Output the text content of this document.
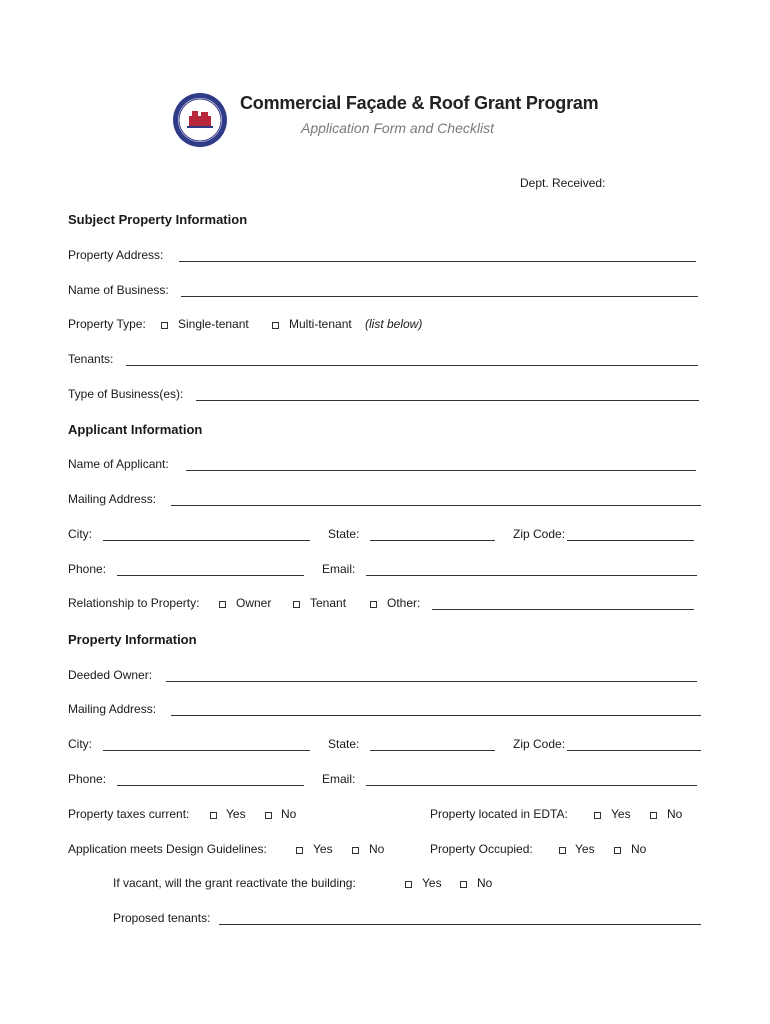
Commercial Façade & Roof Grant Program
Application Form and Checklist
Dept. Received:
Subject Property Information
Property Address:
Name of Business:
Property Type:	Single-tenant	Multi-tenant (list below)
Tenants:
Type of Business(es):
Applicant Information
Name of Applicant:
Mailing Address:
City:	State:	Zip Code:
Phone:	Email:
Relationship to Property:	Owner	Tenant	Other:
Property Information
Deeded Owner:
Mailing Address:
City:	State:	Zip Code:
Phone:	Email:
Property taxes current:	Yes	No	Property located in EDTA:	Yes	No
Application meets Design Guidelines:	Yes	No	Property Occupied:	Yes	No
If vacant, will the grant reactivate the building:	Yes	No
Proposed tenants:
